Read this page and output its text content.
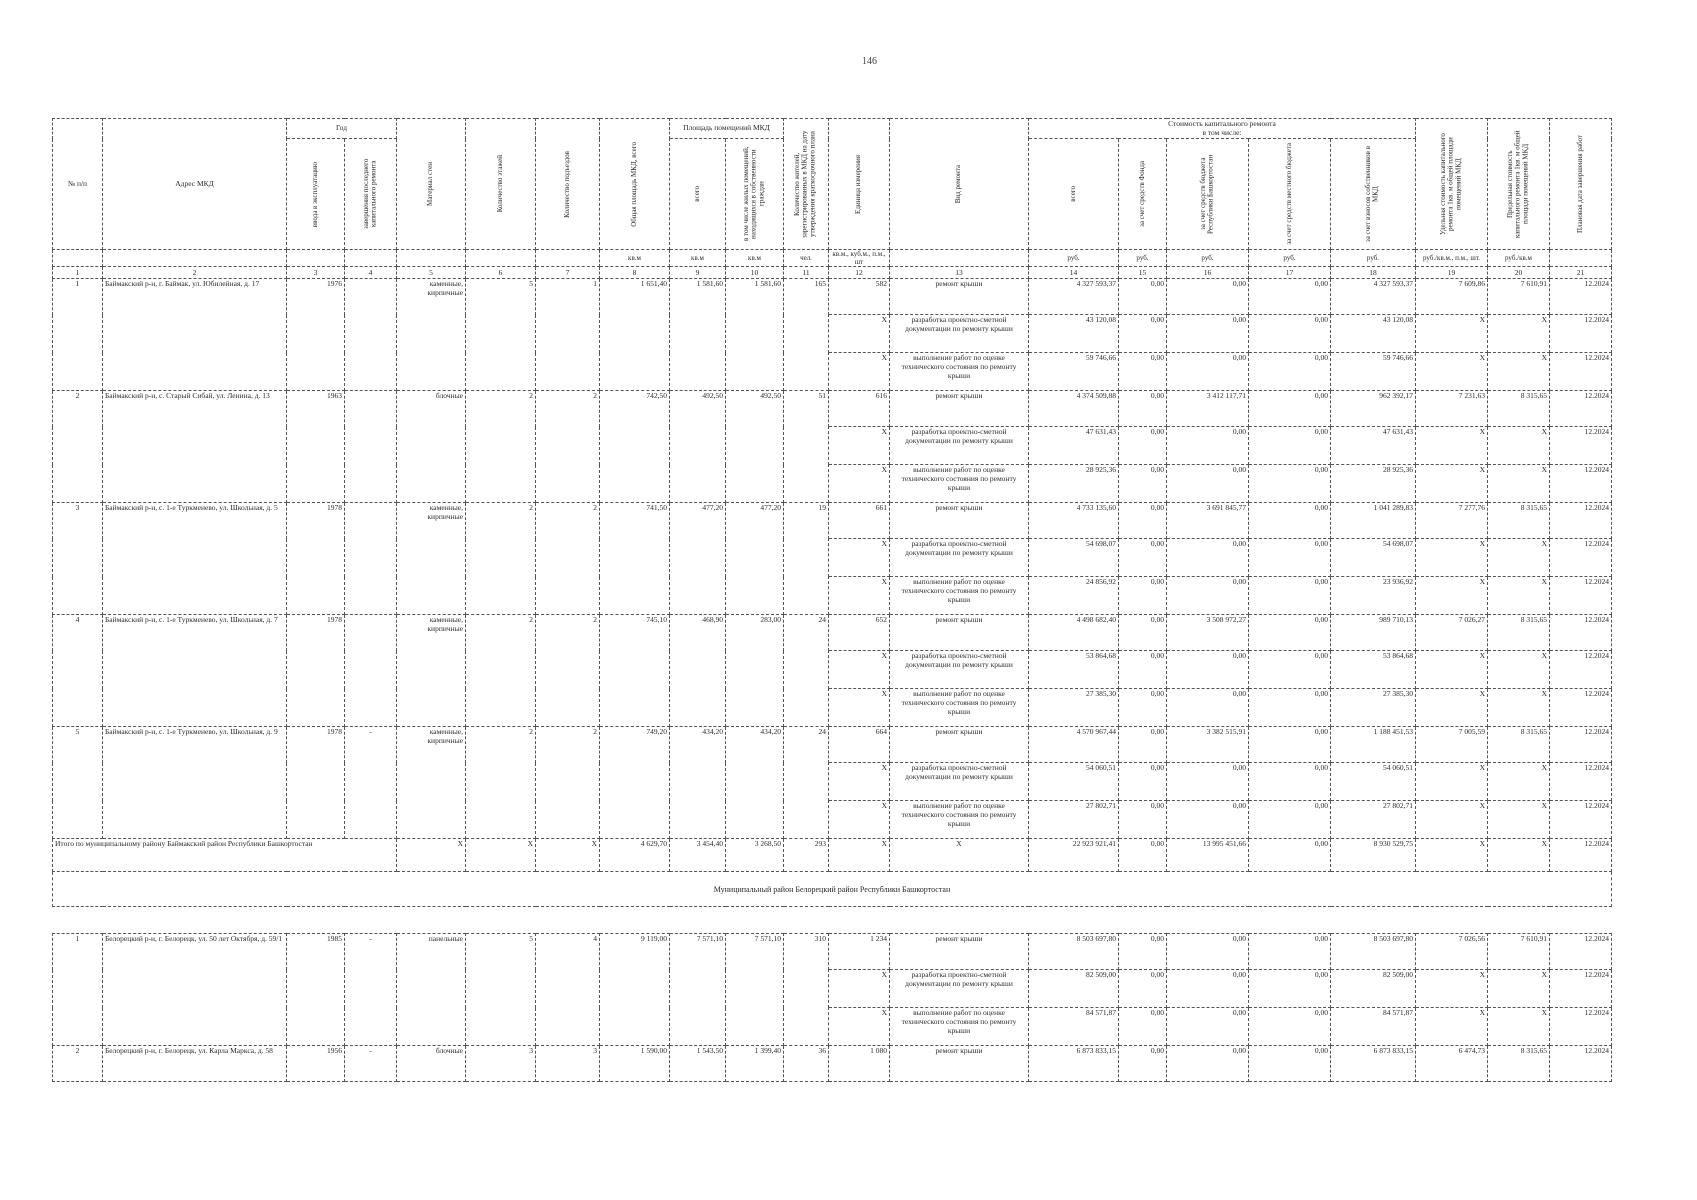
146
№ п/п	Адрес МКД	Год		Материал стен	Количество этажей	Количество подъездов	Общая площадь МКД, всего	Площадь помещений МКД		Количество жителей, зарегистрированных в МКД на дату утверждения краткосрочного плана	Единица измерения	Вид ремонта	Стоимость капитального ремонта
в том числе:					Удельная стоимость капитального ремонта 1кв. м общей площади помещений МКД	Предельная стоимость капитального ремонта 1кв. м общей площади помещений МКД	Плановая дата завершения работ

		ввода в эксплуатацию	завершения последнего капитального ремонта					всего	в том числе жилых помещений, находящихся в собственности граждан				всего	за счет средств Фонда	за счет средств бюджета Республики Башкортостан	за счет средств местного бюджета	за счет взносов собственников в МКД			

							кв.м	кв.м	кв.м	чел.	кв.м., куб.м., п.м., шт		руб.	руб.	руб.	руб.	руб.	руб./кв.м., п.м., шт.	руб./кв.м	
1	2	3	4	5	6	7	8	9	10	11	12	13	14	15	16	17	18	19	20	21
1	Баймакский р-н, г. Баймак, ул. Юбилейная, д. 17	1976		каменные, кирпичные	5	1	1 651,40	1 581,60	1 581,60	165	582	ремонт крыши	4 327 593,37	0,00	0,00	0,00	4 327 593,37	7 609,86	7 610,91	12.2024
											X	разработка проектно-сметной документации по ремонту крыши	43 120,08	0,00	0,00	0,00	43 120,08	X	X	12.2024
											X	выполнение работ по оценке технического состояния по ремонту крыши	59 746,66	0,00	0,00	0,00	59 746,66	X	X	12.2024
2	Баймакский р-н, с. Старый Сибай, ул. Ленина, д. 13	1963		блочные	2	2	742,50	492,50	492,50	51	616	ремонт крыши	4 374 509,88	0,00	3 412 117,71	0,00	962 392,17	7 231,63	8 315,65	12.2024
											X	разработка проектно-сметной документации по ремонту крыши	47 631,43	0,00	0,00	0,00	47 631,43	X	X	12.2024
											X	выполнение работ по оценке технического состояния по ремонту крыши	28 925,36	0,00	0,00	0,00	28 925,36	X	X	12.2024
3	Баймакский р-н, с. 1-е Туркменево, ул. Школьная, д. 5	1978		каменные, кирпичные	2	2	741,50	477,20	477,20	19	661	ремонт крыши	4 733 135,60	0,00	3 691 845,77	0,00	1 041 289,83	7 277,76	8 315,65	12.2024
											X	разработка проектно-сметной документации по ремонту крыши	54 698,07	0,00	0,00	0,00	54 698,07	X	X	12.2024
											X	выполнение работ по оценке технического состояния по ремонту крыши	24 856,92	0,00	0,00	0,00	23 936,92	X	X	12.2024
4	Баймакский р-н, с. 1-е Туркменево, ул. Школьная, д. 7	1978		каменные, кирпичные	2	2	745,10	468,90	283,00	24	652	ремонт крыши	4 498 682,40	0,00	3 508 972,27	0,00	989 710,13	7 026,27	8 315,65	12.2024
											X	разработка проектно-сметной документации по ремонту крыши	53 864,68	0,00	0,00	0,00	53 864,68	X	X	12.2024
											X	выполнение работ по оценке технического состояния по ремонту крыши	27 385,30	0,00	0,00	0,00	27 385,30	X	X	12.2024
5	Баймакский р-н, с. 1-е Туркменево, ул. Школьная, д. 9	1978	-	каменные, кирпичные	2	2	749,20	434,20	434,20	24	664	ремонт крыши	4 570 967,44	0,00	3 382 515,91	0,00	1 188 451,53	7 005,59	8 315,65	12.2024
											X	разработка проектно-сметной документации по ремонту крыши	54 060,51	0,00	0,00	0,00	54 060,51	X	X	12.2024
											X	выполнение работ по оценке технического состояния по ремонту крыши	27 802,71	0,00	0,00	0,00	27 802,71	X	X	12.2024
Итого по муниципальному району Баймакский район Республики Башкортостан				X	X	X	4 629,70	3 454,40	3 268,50	293	X	X	22 923 921,41	0,00	13 995 451,66	0,00	8 930 529,75	X	X	12.2024
Муниципальный район Белорецкий район Республики Башкортостан																				

1	Белорецкий р-н, г. Белорецк, ул. 50 лет Октября, д. 59/1	1985	-	панельные	5	4	9 119,00	7 571,10	7 571,10	310	1 234	ремонт крыши	8 503 697,80	0,00	0,00	0,00	8 503 697,80	7 026,56	7 610,91	12.2024
											X	разработка проектно-сметной документации по ремонту крыши	82 509,00	0,00	0,00	0,00	82 509,00	X	X	12.2024
											X	выполнение работ по оценке технического состояния по ремонту крыши	84 571,87	0,00	0,00	0,00	84 571,87	X	X	12.2024
2	Белорецкий р-н, г. Белорецк, ул. Карла Маркса, д. 58	1956	-	блочные	3	3	1 590,00	1 543,50	1 399,40	36	1 080	ремонт крыши	6 873 833,15	0,00	0,00	0,00	6 873 833,15	6 474,73	8 315,65	12.2024
